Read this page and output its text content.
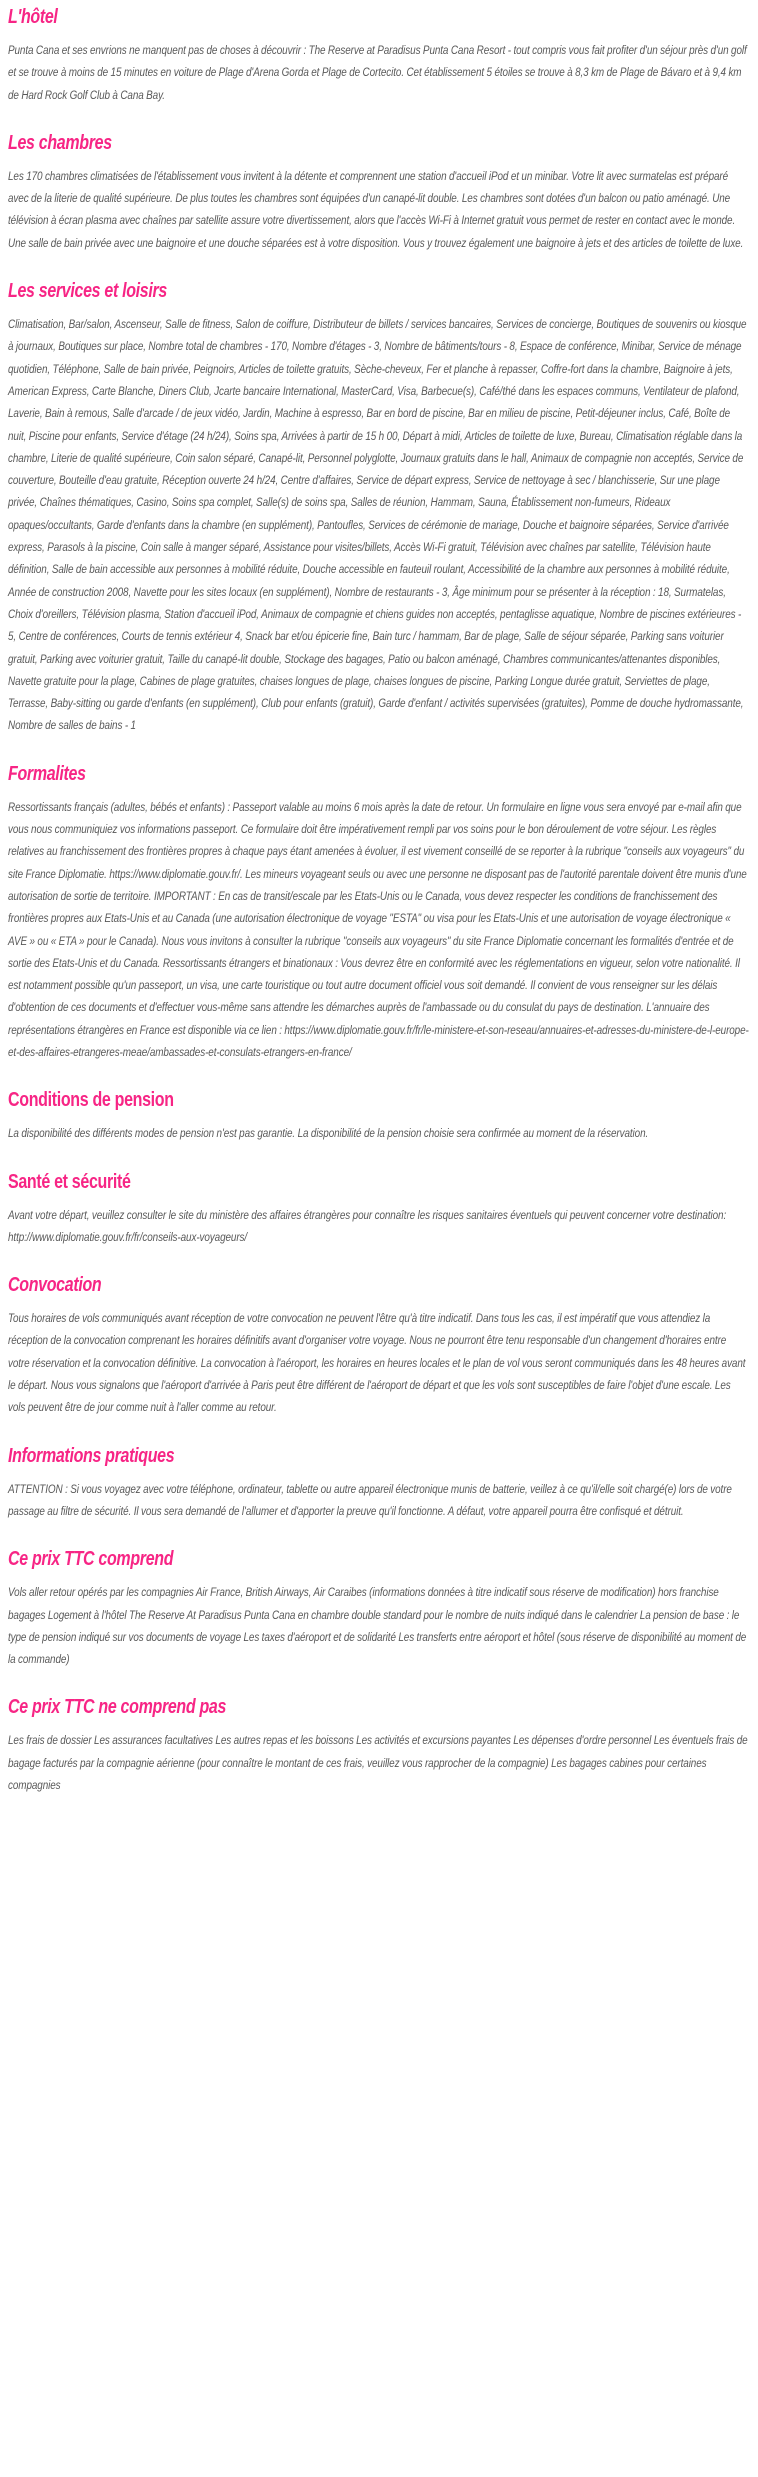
L'hôtel

Punta Cana et ses envrions ne manquent pas de choses à découvrir : The Reserve at Paradisus Punta Cana Resort - tout compris vous fait profiter d'un séjour près d'un golf et se trouve à moins de 15 minutes en voiture de Plage d'Arena Gorda et Plage de Cortecito. Cet établissement 5 étoiles se trouve à 8,3 km de Plage de Bávaro et à 9,4 km de Hard Rock Golf Club à Cana Bay.

Les chambres

Les 170 chambres climatisées de l'établissement vous invitent à la détente et comprennent une station d'accueil iPod et un minibar. Votre lit avec surmatelas est préparé avec de la literie de qualité supérieure. De plus toutes les chambres sont équipées d'un canapé-lit double. Les chambres sont dotées d'un balcon ou patio aménagé. Une télévision à écran plasma avec chaînes par satellite assure votre divertissement, alors que l'accès Wi-Fi à Internet gratuit vous permet de rester en contact avec le monde. Une salle de bain privée avec une baignoire et une douche séparées est à votre disposition. Vous y trouvez également une baignoire à jets et des articles de toilette de luxe.

Les services et loisirs

Climatisation, Bar/salon, Ascenseur, Salle de fitness, Salon de coiffure, Distributeur de billets / services bancaires, Services de concierge, Boutiques de souvenirs ou kiosque à journaux, Boutiques sur place, Nombre total de chambres - 170, Nombre d'étages - 3, Nombre de bâtiments/tours - 8, Espace de conférence, Minibar, Service de ménage quotidien, Téléphone, Salle de bain privée, Peignoirs, Articles de toilette gratuits, Sèche-cheveux, Fer et planche à repasser, Coffre-fort dans la chambre, Baignoire à jets, American Express, Carte Blanche, Diners Club, Jcarte bancaire International, MasterCard, Visa, Barbecue(s), Café/thé dans les espaces communs, Ventilateur de plafond, Laverie, Bain à remous, Salle d'arcade / de jeux vidéo, Jardin, Machine à espresso, Bar en bord de piscine, Bar en milieu de piscine, Petit-déjeuner inclus, Café, Boîte de nuit, Piscine pour enfants, Service d'étage (24 h/24), Soins spa, Arrivées à partir de 15 h 00, Départ à midi, Articles de toilette de luxe, Bureau, Climatisation réglable dans la chambre, Literie de qualité supérieure, Coin salon séparé, Canapé-lit, Personnel polyglotte, Journaux gratuits dans le hall, Animaux de compagnie non acceptés, Service de couverture, Bouteille d'eau gratuite, Réception ouverte 24 h/24, Centre d'affaires, Service de départ express, Service de nettoyage à sec / blanchisserie, Sur une plage privée, Chaînes thématiques, Casino, Soins spa complet, Salle(s) de soins spa, Salles de réunion, Hammam, Sauna, Établissement non-fumeurs, Rideaux opaques/occultants, Garde d'enfants dans la chambre (en supplément), Pantoufles, Services de cérémonie de mariage, Douche et baignoire séparées, Service d'arrivée express, Parasols à la piscine, Coin salle à manger séparé, Assistance pour visites/billets, Accès Wi-Fi gratuit, Télévision avec chaînes par satellite, Télévision haute définition, Salle de bain accessible aux personnes à mobilité réduite, Douche accessible en fauteuil roulant, Accessibilité de la chambre aux personnes à mobilité réduite, Année de construction 2008, Navette pour les sites locaux (en supplément), Nombre de restaurants - 3, Âge minimum pour se présenter à la réception : 18, Surmatelas, Choix d'oreillers, Télévision plasma, Station d'accueil iPod, Animaux de compagnie et chiens guides non acceptés, pentaglisse aquatique, Nombre de piscines extérieures - 5, Centre de conférences, Courts de tennis extérieur 4, Snack bar et/ou épicerie fine, Bain turc / hammam, Bar de plage, Salle de séjour séparée, Parking sans voiturier gratuit, Parking avec voiturier gratuit, Taille du canapé-lit double, Stockage des bagages, Patio ou balcon aménagé, Chambres communicantes/attenantes disponibles, Navette gratuite pour la plage, Cabines de plage gratuites, chaises longues de plage, chaises longues de piscine, Parking Longue durée gratuit, Serviettes de plage, Terrasse, Baby-sitting ou garde d'enfants (en supplément), Club pour enfants (gratuit), Garde d'enfant / activités supervisées (gratuites), Pomme de douche hydromassante, Nombre de salles de bains - 1

Formalites

Ressortissants français (adultes, bébés et enfants) : Passeport valable au moins 6 mois après la date de retour. Un formulaire en ligne vous sera envoyé par e-mail afin que vous nous communiquiez vos informations passeport. Ce formulaire doit être impérativement rempli par vos soins pour le bon déroulement de votre séjour. Les règles relatives au franchissement des frontières propres à chaque pays étant amenées à évoluer, il est vivement conseillé de se reporter à la rubrique "conseils aux voyageurs" du site France Diplomatie. https://www.diplomatie.gouv.fr/. Les mineurs voyageant seuls ou avec une personne ne disposant pas de l'autorité parentale doivent être munis d'une autorisation de sortie de territoire. IMPORTANT : En cas de transit/escale par les Etats-Unis ou le Canada, vous devez respecter les conditions de franchissement des frontières propres aux Etats-Unis et au Canada (une autorisation électronique de voyage "ESTA" ou visa pour les Etats-Unis et une autorisation de voyage électronique « AVE » ou « ETA » pour le Canada). Nous vous invitons à consulter la rubrique "conseils aux voyageurs" du site France Diplomatie concernant les formalités d'entrée et de sortie des Etats-Unis et du Canada. Ressortissants étrangers et binationaux : Vous devrez être en conformité avec les réglementations en vigueur, selon votre nationalité. Il est notamment possible qu'un passeport, un visa, une carte touristique ou tout autre document officiel vous soit demandé. Il convient de vous renseigner sur les délais d'obtention de ces documents et d'effectuer vous-même sans attendre les démarches auprès de l'ambassade ou du consulat du pays de destination. L'annuaire des représentations étrangères en France est disponible via ce lien : https://www.diplomatie.gouv.fr/fr/le-ministere-et-son-reseau/annuaires-et-adresses-du-ministere-de-l-europe-et-des-affaires-etrangeres-meae/ambassades-et-consulats-etrangers-en-france/

Conditions de pension

La disponibilité des différents modes de pension n'est pas garantie. La disponibilité de la pension choisie sera confirmée au moment de la réservation.

Santé et sécurité

Avant votre départ, veuillez consulter le site du ministère des affaires étrangères pour connaître les risques sanitaires éventuels qui peuvent concerner votre destination: http://www.diplomatie.gouv.fr/fr/conseils-aux-voyageurs/

Convocation

Tous horaires de vols communiqués avant réception de votre convocation ne peuvent l'être qu'à titre indicatif. Dans tous les cas, il est impératif que vous attendiez la réception de la convocation comprenant les horaires définitifs avant d'organiser votre voyage. Nous ne pourront être tenu responsable d'un changement d'horaires entre votre réservation et la convocation définitive. La convocation à l'aéroport, les horaires en heures locales et le plan de vol vous seront communiqués dans les 48 heures avant le départ. Nous vous signalons que l'aéroport d'arrivée à Paris peut être différent de l'aéroport de départ et que les vols sont susceptibles de faire l'objet d'une escale. Les vols peuvent être de jour comme nuit à l'aller comme au retour.

Informations pratiques

ATTENTION : Si vous voyagez avec votre téléphone, ordinateur, tablette ou autre appareil électronique munis de batterie, veillez à ce qu'il/elle soit chargé(e) lors de votre passage au filtre de sécurité. Il vous sera demandé de l'allumer et d'apporter la preuve qu'il fonctionne. A défaut, votre appareil pourra être confisqué et détruit.

Ce prix TTC comprend

Vols aller retour opérés par les compagnies Air France, British Airways, Air Caraibes (informations données à titre indicatif sous réserve de modification) hors franchise bagages Logement à l'hôtel The Reserve At Paradisus Punta Cana en chambre double standard pour le nombre de nuits indiqué dans le calendrier La pension de base : le type de pension indiqué sur vos documents de voyage Les taxes d'aéroport et de solidarité Les transferts entre aéroport et hôtel (sous réserve de disponibilité au moment de la commande)

Ce prix TTC ne comprend pas

Les frais de dossier Les assurances facultatives Les autres repas et les boissons Les activités et excursions payantes Les dépenses d'ordre personnel Les éventuels frais de bagage facturés par la compagnie aérienne (pour connaître le montant de ces frais, veuillez vous rapprocher de la compagnie) Les bagages cabines pour certaines compagnies
